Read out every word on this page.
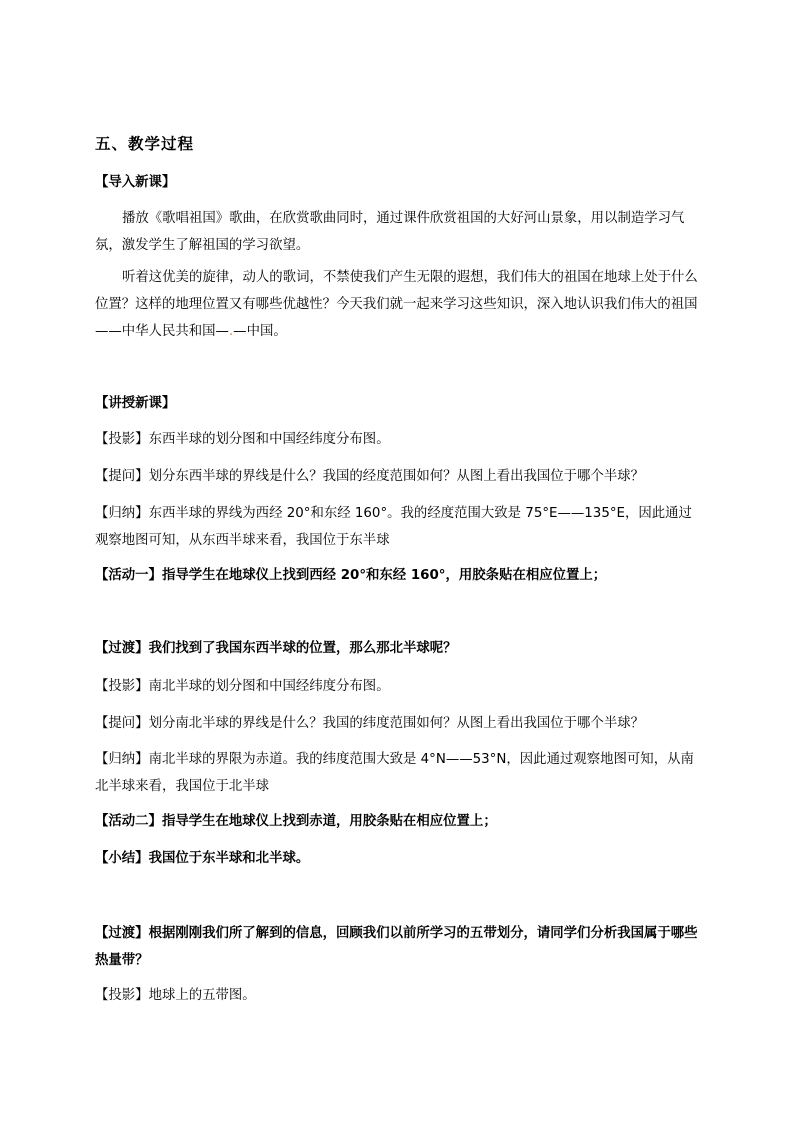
五、教学过程
【导入新课】
播放《歌唱祖国》歌曲，在欣赏歌曲同时，通过课件欣赏祖国的大好河山景象，用以制造学习气氛，激发学生了解祖国的学习欲望。
听着这优美的旋律，动人的歌词，不禁使我们产生无限的遐想，我们伟大的祖国在地球上处于什么位置？这样的地理位置又有哪些优越性？今天我们就一起来学习这些知识，深入地认识我们伟大的祖国——中华人民共和国—.—中国。
【讲授新课】
【投影】东西半球的划分图和中国经纬度分布图。
【提问】划分东西半球的界线是什么？我国的经度范围如何？从图上看出我国位于哪个半球？
【归纳】东西半球的界线为西经 20°和东经 160°。我的经度范围大致是 75°E——135°E，因此通过观察地图可知，从东西半球来看，我国位于东半球
【活动一】指导学生在地球仪上找到西经 20°和东经 160°，用胶条贴在相应位置上；
【过渡】我们找到了我国东西半球的位置，那么那北半球呢？
【投影】南北半球的划分图和中国经纬度分布图。
【提问】划分南北半球的界线是什么？我国的纬度范围如何？从图上看出我国位于哪个半球？
【归纳】南北半球的界限为赤道。我的纬度范围大致是 4°N——53°N，因此通过观察地图可知，从南北半球来看，我国位于北半球
【活动二】指导学生在地球仪上找到赤道，用胶条贴在相应位置上；
【小结】我国位于东半球和北半球。
【过渡】根据刚刚我们所了解到的信息，回顾我们以前所学习的五带划分，请同学们分析我国属于哪些热量带？
【投影】地球上的五带图。
